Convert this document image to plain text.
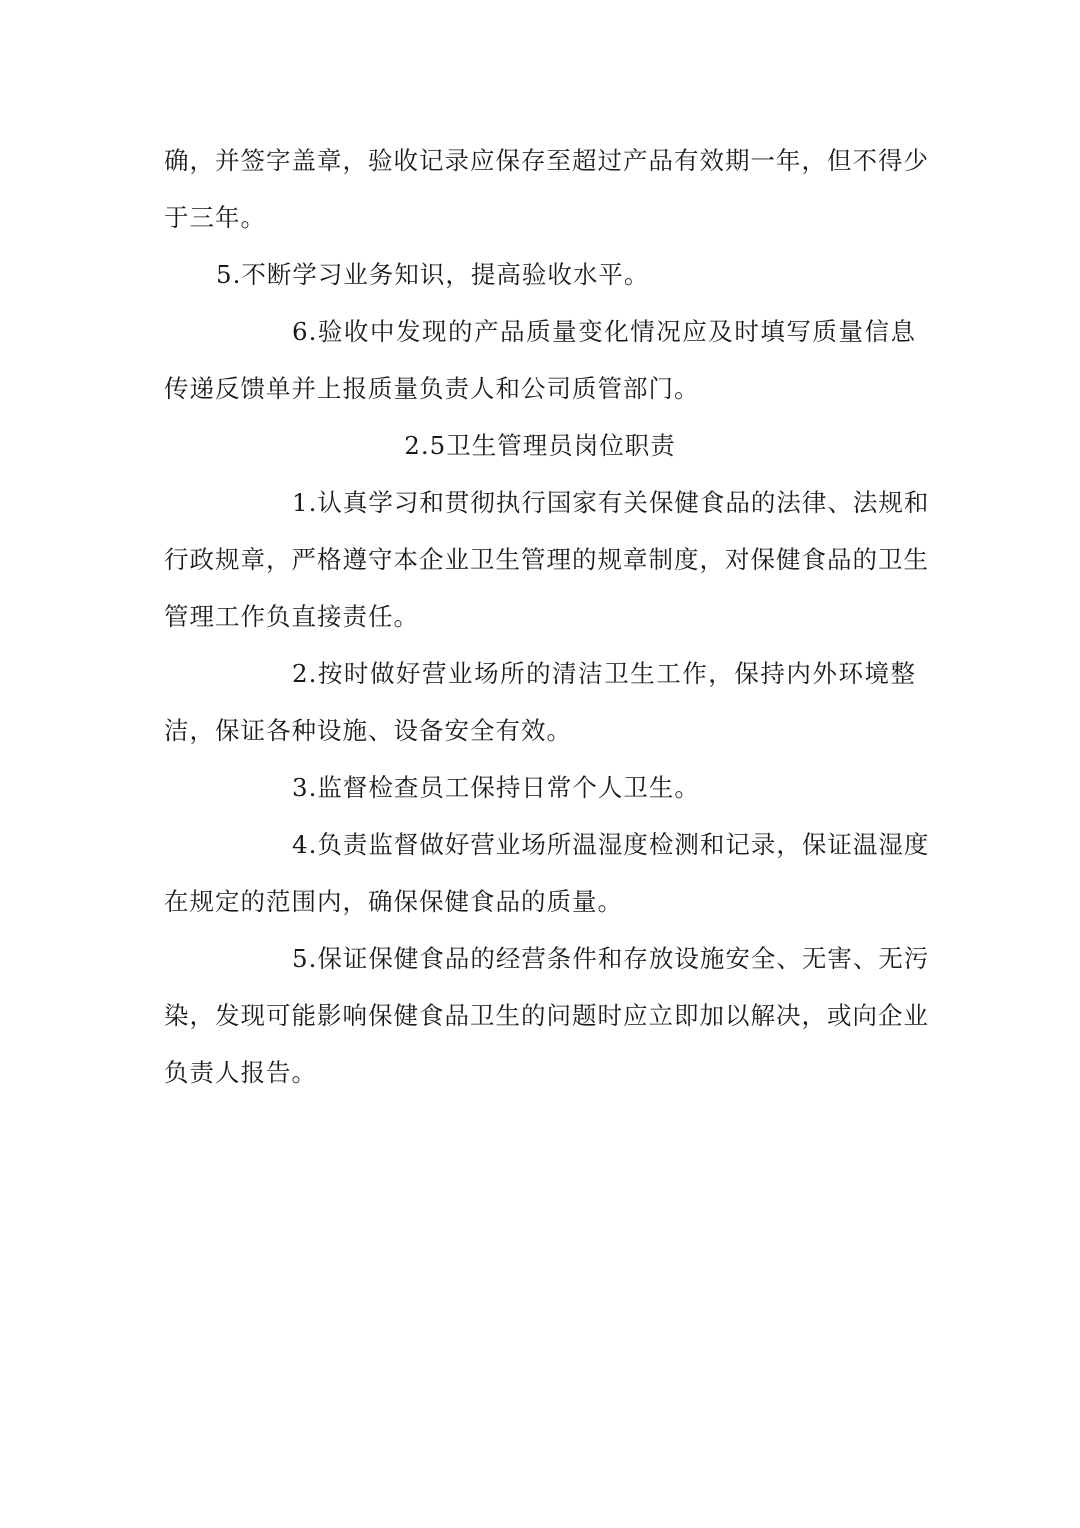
确，并签字盖章，验收记录应保存至超过产品有效期一年，但不得少
于三年。
5.不断学习业务知识，提高验收水平。
6.验收中发现的产品质量变化情况应及时填写质量信息
传递反馈单并上报质量负责人和公司质管部门。
2.5卫生管理员岗位职责
1.认真学习和贯彻执行国家有关保健食品的法律、法规和
行政规章，严格遵守本企业卫生管理的规章制度，对保健食品的卫生
管理工作负直接责任。
2.按时做好营业场所的清洁卫生工作，保持内外环境整
洁，保证各种设施、设备安全有效。
3.监督检查员工保持日常个人卫生。
4.负责监督做好营业场所温湿度检测和记录，保证温湿度
在规定的范围内，确保保健食品的质量。
5.保证保健食品的经营条件和存放设施安全、无害、无污
染，发现可能影响保健食品卫生的问题时应立即加以解决，或向企业
负责人报告。
